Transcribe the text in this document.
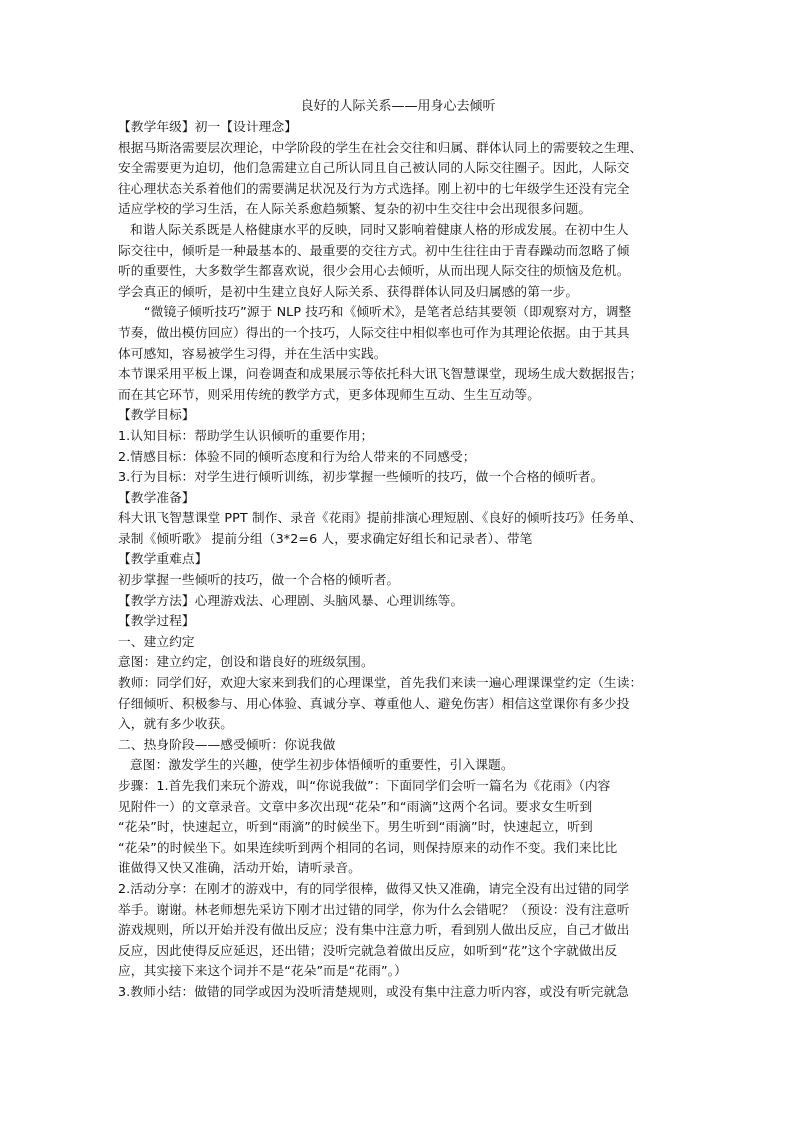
良好的人际关系——用身心去倾听

【教学年级】初一【设计理念】

根据马斯洛需要层次理论，中学阶段的学生在社会交往和归属、群体认同上的需要较之生理、

安全需要更为迫切，他们急需建立自己所认同且自己被认同的人际交往圈子。因此，人际交

往心理状态关系着他们的需要满足状况及行为方式选择。刚上初中的七年级学生还没有完全

适应学校的学习生活，在人际关系愈趋频繁、复杂的初中生交往中会出现很多问题。

和谐人际关系既是人格健康水平的反映，同时又影响着健康人格的形成发展。在初中生人

际交往中，倾听是一种最基本的、最重要的交往方式。初中生往往由于青春躁动而忽略了倾

听的重要性，大多数学生都喜欢说，很少会用心去倾听，从而出现人际交往的烦恼及危机。

学会真正的倾听，是初中生建立良好人际关系、获得群体认同及归属感的第一步。

“微镜子倾听技巧”源于 NLP 技巧和《倾听术》，是笔者总结其要领（即观察对方，调整

节奏，做出模仿回应）得出的一个技巧，人际交往中相似率也可作为其理论依据。由于其具

体可感知，容易被学生习得，并在生活中实践。

本节课采用平板上课，问卷调查和成果展示等依托科大讯飞智慧课堂，现场生成大数据报告；

而在其它环节，则采用传统的教学方式，更多体现师生互动、生生互动等。

【教学目标】

1.认知目标：帮助学生认识倾听的重要作用；

2.情感目标：体验不同的倾听态度和行为给人带来的不同感受；

3.行为目标：对学生进行倾听训练，初步掌握一些倾听的技巧，做一个合格的倾听者。

【教学准备】

科大讯飞智慧课堂 PPT 制作、录音《花雨》提前排演心理短剧、《良好的倾听技巧》任务单、

录制《倾听歌》 提前分组（3*2=6 人，要求确定好组长和记录者）、带笔

【教学重难点】

初步掌握一些倾听的技巧，做一个合格的倾听者。

【教学方法】心理游戏法、心理剧、头脑风暴、心理训练等。

【教学过程】

一、建立约定

意图：建立约定，创设和谐良好的班级氛围。

教师：同学们好，欢迎大家来到我们的心理课堂，首先我们来读一遍心理课课堂约定（生读：

仔细倾听、积极参与、用心体验、真诚分享、尊重他人、避免伤害）相信这堂课你有多少投

入，就有多少收获。

二、热身阶段——感受倾听：你说我做

意图：激发学生的兴趣，使学生初步体悟倾听的重要性，引入课题。

步骤：1.首先我们来玩个游戏，叫“你说我做”：下面同学们会听一篇名为《花雨》（内容

见附件一）的文章录音。文章中多次出现“花朵”和“雨滴”这两个名词。要求女生听到

“花朵”时，快速起立，听到“雨滴”的时候坐下。男生听到“雨滴”时，快速起立，听到

“花朵”的时候坐下。如果连续听到两个相同的名词，则保持原来的动作不变。我们来比比

谁做得又快又准确，活动开始，请听录音。

2.活动分享：在刚才的游戏中，有的同学很棒，做得又快又准确，请完全没有出过错的同学

举手。谢谢。林老师想先采访下刚才出过错的同学，你为什么会错呢？（预设：没有注意听

游戏规则，所以开始并没有做出反应；没有集中注意力听，看到别人做出反应，自己才做出

反应，因此使得反应延迟，还出错；没听完就急着做出反应，如听到“花”这个字就做出反

应，其实接下来这个词并不是“花朵”而是“花雨”。）

3.教师小结：做错的同学或因为没听清楚规则，或没有集中注意力听内容，或没有听完就急
